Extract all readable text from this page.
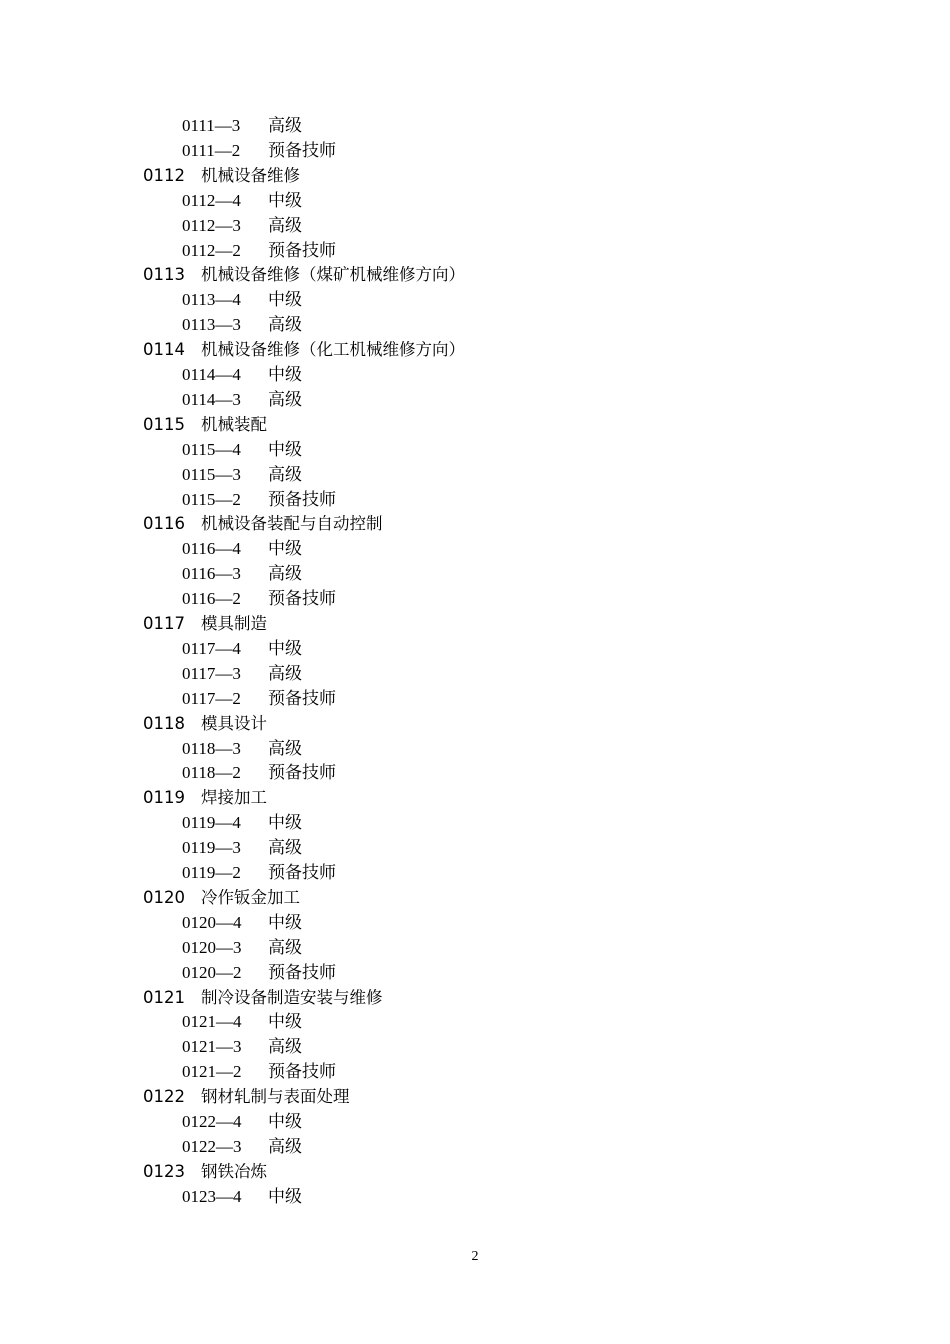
0111—3 高级
0111—2 预备技师
0112 机械设备维修
0112—4 中级
0112—3 高级
0112—2 预备技师
0113 机械设备维修（煤矿机械维修方向）
0113—4 中级
0113—3 高级
0114 机械设备维修（化工机械维修方向）
0114—4 中级
0114—3 高级
0115 机械装配
0115—4 中级
0115—3 高级
0115—2 预备技师
0116 机械设备装配与自动控制
0116—4 中级
0116—3 高级
0116—2 预备技师
0117 模具制造
0117—4 中级
0117—3 高级
0117—2 预备技师
0118 模具设计
0118—3 高级
0118—2 预备技师
0119 焊接加工
0119—4 中级
0119—3 高级
0119—2 预备技师
0120 冷作钣金加工
0120—4 中级
0120—3 高级
0120—2 预备技师
0121 制冷设备制造安装与维修
0121—4 中级
0121—3 高级
0121—2 预备技师
0122 钢材轧制与表面处理
0122—4 中级
0122—3 高级
0123 钢铁冶炼
0123—4 中级
2
